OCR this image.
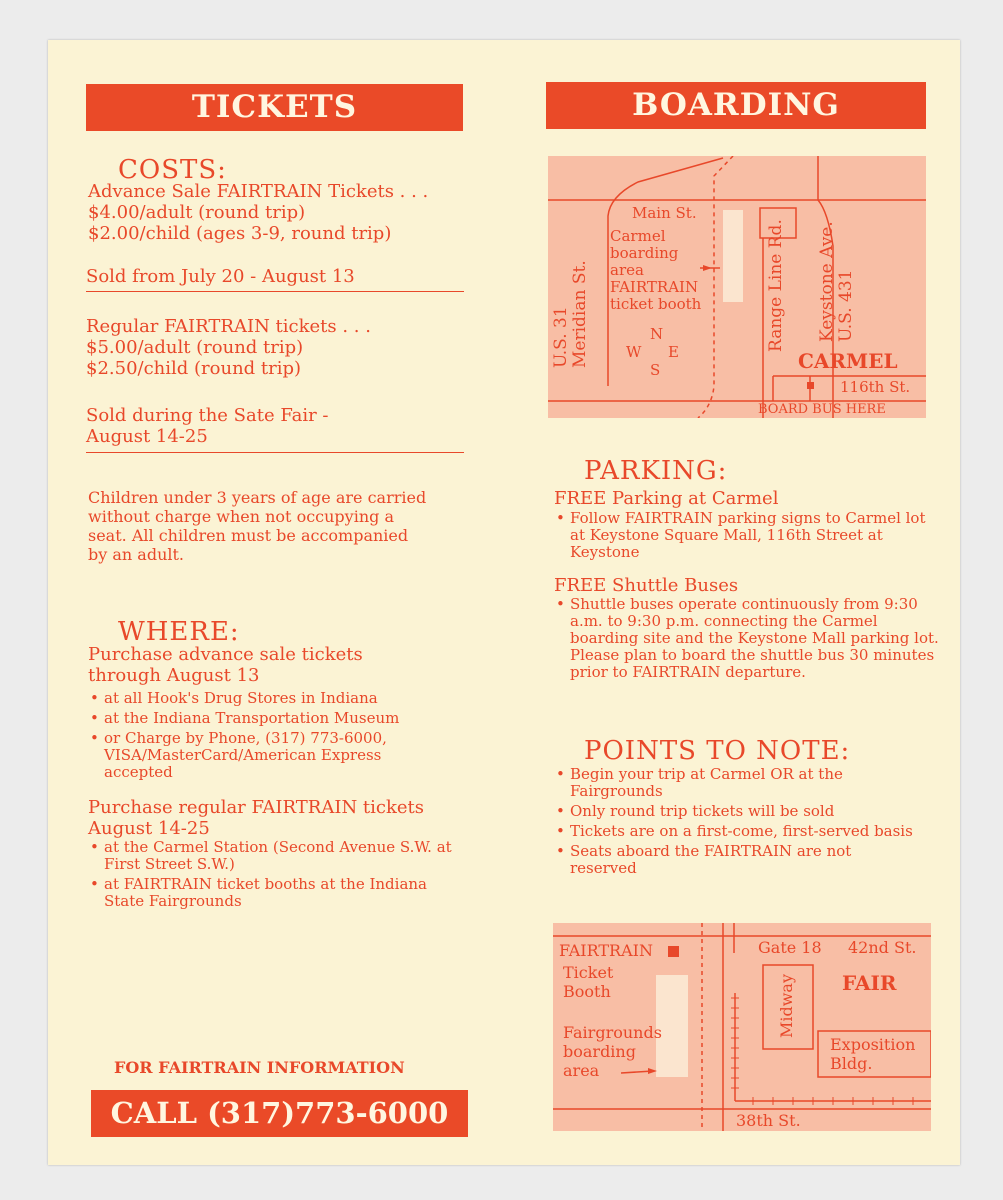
TICKETS
COSTS:
Advance Sale FAIRTRAIN Tickets . . .
$4.00/adult (round trip)
$2.00/child (ages 3-9, round trip)
Sold from July 20 - August 13
Regular FAIRTRAIN tickets . . .
$5.00/adult (round trip)
$2.50/child (round trip)
Sold during the Sate Fair -
August 14-25
Children under 3 years of age are carried
without charge when not occupying a
seat. All children must be accompanied
by an adult.
WHERE:
Purchase advance sale tickets
through August 13
• at all Hook's Drug Stores in Indiana
• at the Indiana Transportation Museum
• or Charge by Phone, (317) 773-6000, VISA/MasterCard/American Express accepted
Purchase regular FAIRTRAIN tickets
August 14-25
• at the Carmel Station (Second Avenue S.W. at First Street S.W.)
• at FAIRTRAIN ticket booths at the Indiana State Fairgrounds
FOR FAIRTRAIN INFORMATION
CALL (317)773-6000
BOARDING
Main St.
Carmel
boarding
area
FAIRTRAIN
ticket booth
U.S. 31 Meridian St.	Range Line Rd. Keystone Ave. U.S. 431
N
W E
S	CARMEL
116th St.
BOARD BUS HERE
PARKING:
FREE Parking at Carmel
• Follow FAIRTRAIN parking signs to Carmel lot at Keystone Square Mall, 116th Street at Keystone
FREE Shuttle Buses
• Shuttle buses operate continuously from 9:30 a.m. to 9:30 p.m. connecting the Carmel boarding site and the Keystone Mall parking lot. Please plan to board the shuttle bus 30 minutes prior to FAIRTRAIN departure.
POINTS TO NOTE:
• Begin your trip at Carmel OR at the Fairgrounds
• Only round trip tickets will be sold
• Tickets are on a first-come, first-served basis
• Seats aboard the FAIRTRAIN are not reserved
FAIRTRAIN
Ticket
Booth
Gate 18 42nd St.
FAIR
Midway
Fairgrounds
boarding
area
Exposition
Bldg.
38th St.
